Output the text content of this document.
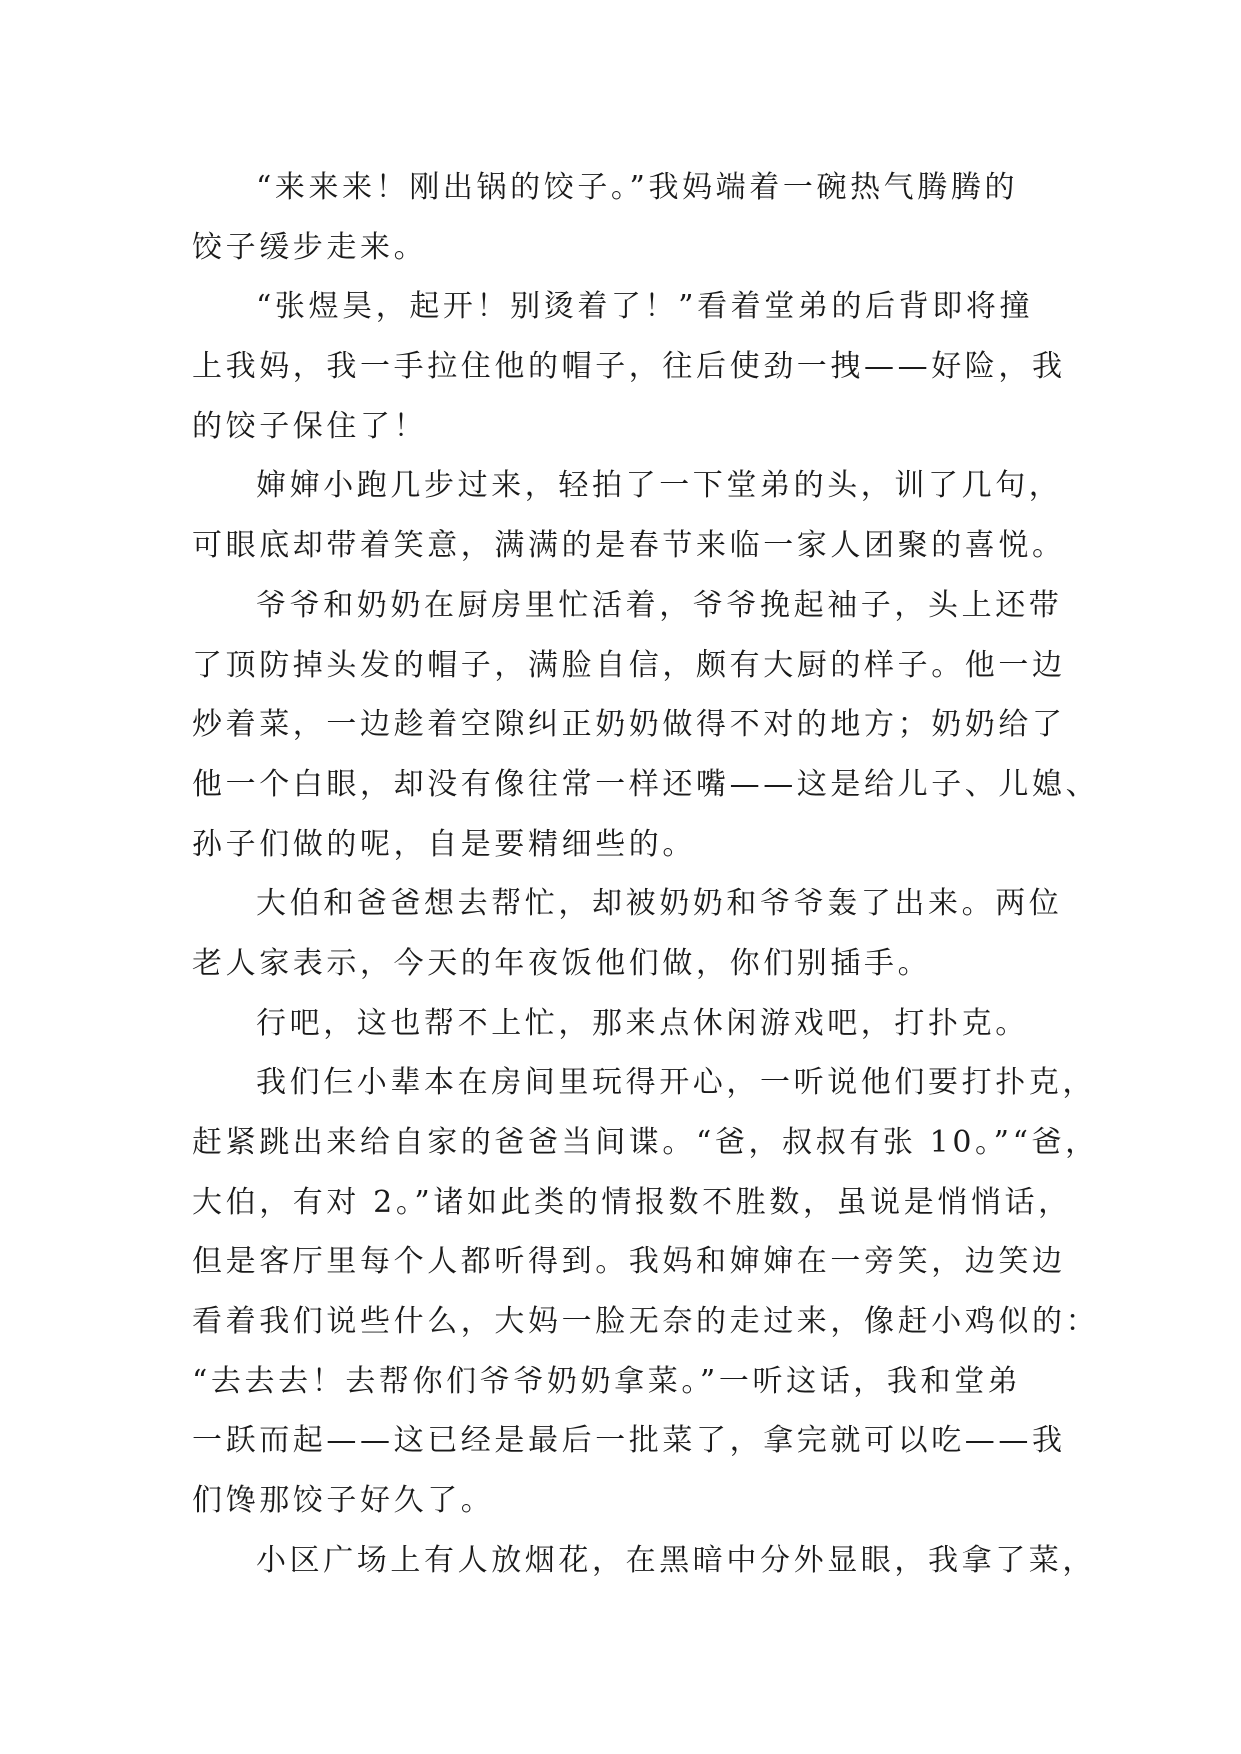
“来来来！刚出锅的饺子。”我妈端着一碗热气腾腾的
饺子缓步走来。
“张煜昊，起开！别烫着了！”看着堂弟的后背即将撞
上我妈，我一手拉住他的帽子，往后使劲一拽——好险，我
的饺子保住了！
婶婶小跑几步过来，轻拍了一下堂弟的头，训了几句，
可眼底却带着笑意，满满的是春节来临一家人团聚的喜悦。
爷爷和奶奶在厨房里忙活着，爷爷挽起袖子，头上还带
了顶防掉头发的帽子，满脸自信，颇有大厨的样子。他一边
炒着菜，一边趁着空隙纠正奶奶做得不对的地方；奶奶给了
他一个白眼，却没有像往常一样还嘴——这是给儿子、儿媳、
孙子们做的呢，自是要精细些的。
大伯和爸爸想去帮忙，却被奶奶和爷爷轰了出来。两位
老人家表示，今天的年夜饭他们做，你们别插手。
行吧，这也帮不上忙，那来点休闲游戏吧，打扑克。
我们仨小辈本在房间里玩得开心，一听说他们要打扑克，
赶紧跳出来给自家的爸爸当间谍。“爸，叔叔有张 10。”“爸，
大伯，有对 2。”诸如此类的情报数不胜数，虽说是悄悄话，
但是客厅里每个人都听得到。我妈和婶婶在一旁笑，边笑边
看着我们说些什么，大妈一脸无奈的走过来，像赶小鸡似的：
“去去去！去帮你们爷爷奶奶拿菜。”一听这话，我和堂弟
一跃而起——这已经是最后一批菜了，拿完就可以吃——我
们馋那饺子好久了。
小区广场上有人放烟花，在黑暗中分外显眼，我拿了菜，
